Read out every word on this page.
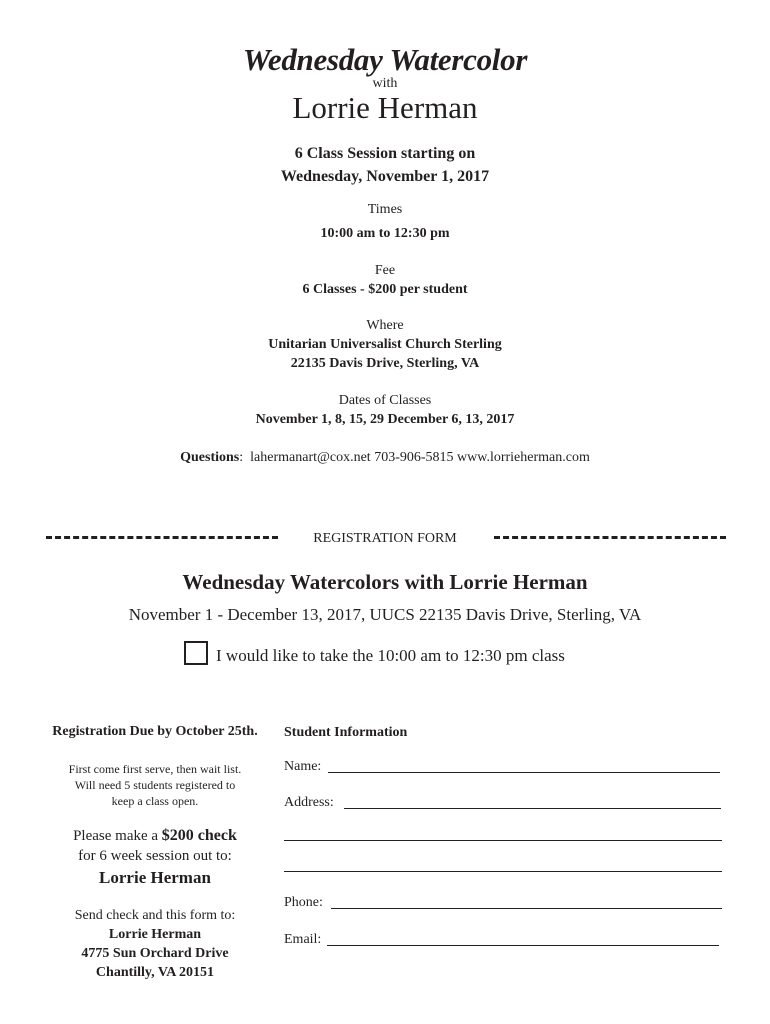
Wednesday Watercolor
with
Lorrie Herman
6 Class Session starting on
Wednesday, November 1, 2017
Times
10:00 am to 12:30 pm
Fee
6 Classes - $200 per student
Where
Unitarian Universalist Church Sterling
22135 Davis Drive, Sterling, VA
Dates of Classes
November 1, 8, 15, 29 December 6, 13, 2017
Questions:  lahermanart@cox.net 703-906-5815 www.lorrieherman.com
REGISTRATION FORM
Wednesday Watercolors with Lorrie Herman
November 1 - December 13, 2017, UUCS 22135 Davis Drive, Sterling, VA
I would like to take the 10:00 am to 12:30 pm class
Registration Due by October 25th.
First come first serve, then wait list.
Will need 5 students registered to
keep a class open.
Please make a $200 check
for 6 week session out to:
Lorrie Herman
Send check and this form to:
Lorrie Herman
4775 Sun Orchard Drive
Chantilly, VA 20151
Student Information
Name:
Address:
Phone:
Email:
